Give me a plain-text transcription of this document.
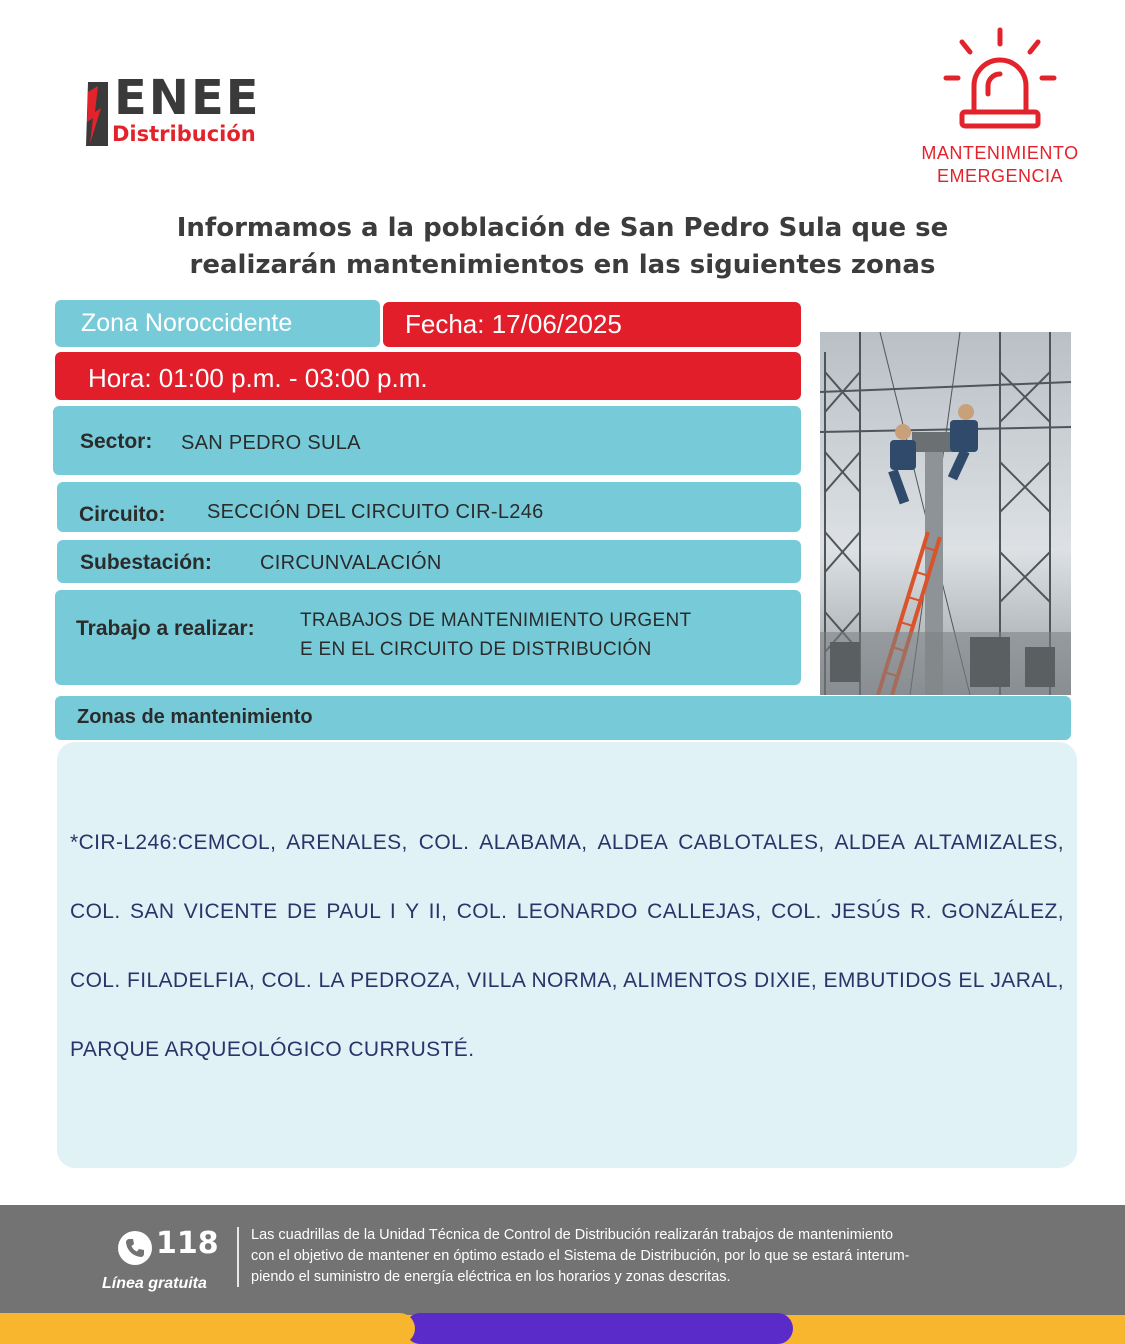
ENEE
Distribución
MANTENIMIENTO
EMERGENCIA
Informamos a la población de San Pedro Sula que se
realizarán mantenimientos en las siguientes zonas
Zona Noroccidente	Fecha: 17/06/2025
Hora: 01:00 p.m. - 03:00 p.m.
Sector: SAN PEDRO SULA
Circuito: SECCIÓN DEL CIRCUITO CIR-L246
Subestación: CIRCUNVALACIÓN
Trabajo a realizar: TRABAJOS DE MANTENIMIENTO URGENT
E EN EL CIRCUITO DE DISTRIBUCIÓN
Zonas de mantenimiento
*CIR-L246:CEMCOL, ARENALES, COL. ALABAMA, ALDEA CABLOTALES, ALDEA ALTAMIZALES, COL. SAN VICENTE DE PAUL I Y II, COL. LEONARDO CALLEJAS, COL. JESÚS R. GONZÁLEZ, COL. FILADELFIA, COL. LA PEDROZA, VILLA NORMA, ALIMENTOS DIXIE, EMBUTIDOS EL JARAL, PARQUE ARQUEOLÓGICO CURRUSTÉ.
118
Línea gratuita
Las cuadrillas de la Unidad Técnica de Control de Distribución realizarán trabajos de mantenimiento
con el objetivo de mantener en óptimo estado el Sistema de Distribución, por lo que se estará interum-
piendo el suministro de energía eléctrica en los horarios y zonas descritas.
